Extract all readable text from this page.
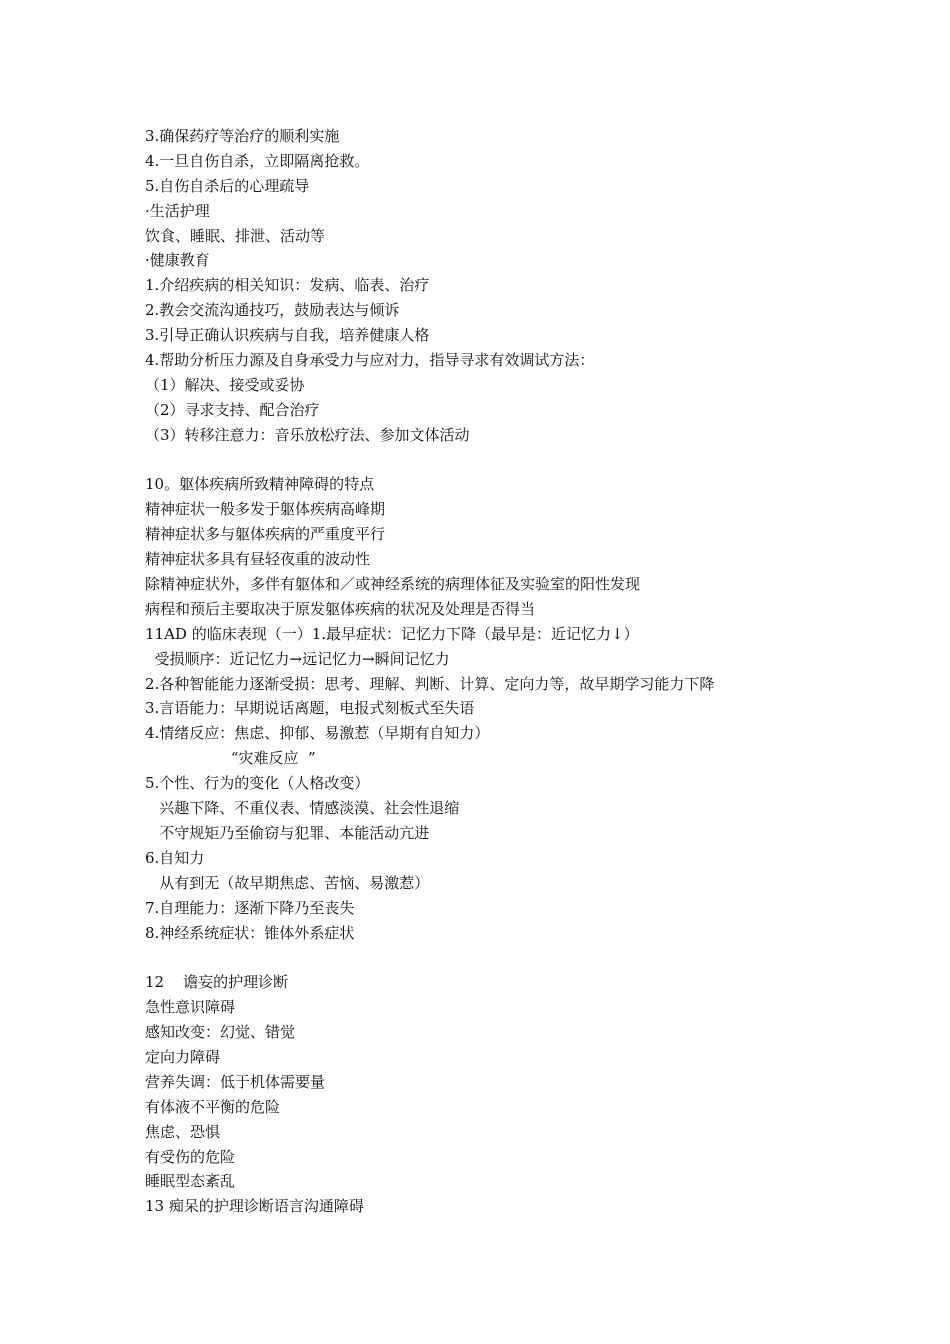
3.确保药疗等治疗的顺利实施
4.一旦自伤自杀，立即隔离抢救。
5.自伤自杀后的心理疏导
·生活护理
饮食、睡眠、排泄、活动等
·健康教育
1.介绍疾病的相关知识：发病、临表、治疗
2.教会交流沟通技巧，鼓励表达与倾诉
3.引导正确认识疾病与自我，培养健康人格
4.帮助分析压力源及自身承受力与应对力，指导寻求有效调试方法：
（1）解决、接受或妥协
（2）寻求支持、配合治疗
（3）转移注意力：音乐放松疗法、参加文体活动
10。躯体疾病所致精神障碍的特点
精神症状一般多发于躯体疾病高峰期
精神症状多与躯体疾病的严重度平行
精神症状多具有昼轻夜重的波动性
除精神症状外，多伴有躯体和／或神经系统的病理体征及实验室的阳性发现
病程和预后主要取决于原发躯体疾病的状况及处理是否得当
11AD 的临床表现（一）1.最早症状：记忆力下降（最早是：近记忆力↓）
受损顺序：近记忆力→远记忆力→瞬间记忆力
2.各种智能能力逐渐受损：思考、理解、判断、计算、定向力等，故早期学习能力下降
3.言语能力：早期说话离题，电报式刻板式至失语
4.情绪反应：焦虑、抑郁、易激惹（早期有自知力）
“灾难反应  ”
5.个性、行为的变化（人格改变）
兴趣下降、不重仪表、情感淡漠、社会性退缩
不守规矩乃至偷窃与犯罪、本能活动亢进
6.自知力
从有到无（故早期焦虑、苦恼、易激惹）
7.自理能力：逐渐下降乃至丧失
8.神经系统症状：锥体外系症状
12    谵妄的护理诊断
急性意识障碍
感知改变：幻觉、错觉
定向力障碍
营养失调：低于机体需要量
有体液不平衡的危险
焦虑、恐惧
有受伤的危险
睡眠型态紊乱
13 痴呆的护理诊断语言沟通障碍
